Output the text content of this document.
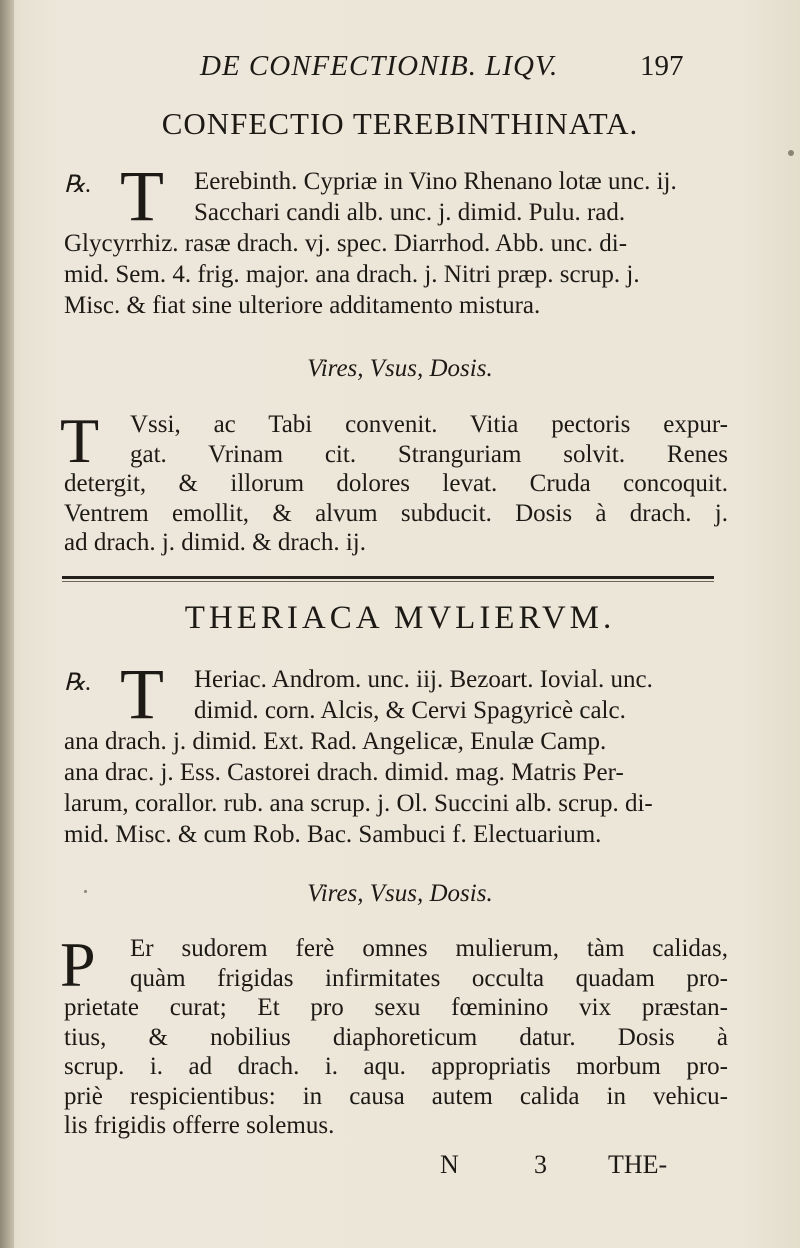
DE CONFECTIONIB. LIQV.	197
CONFECTIO TEREBINTHINATA.
Eerebinth. Cypriæ in Vino Rhenano lotæ unc. ij.
Sacchari candi alb. unc. j. dimid. Pulu. rad.
Glycyrrhiz. rasæ drach. vj. spec. Diarrhod. Abb. unc. di-
mid. Sem. 4. frig. major. ana drach. j. Nitri præp. scrup. j.
Misc. & fiat sine ulteriore additamento mistura.
℞. T
Vires, Vsus, Dosis.
T	Vssi, ac Tabi convenit. Vitia pectoris expur-
gat. Vrinam cit. Stranguriam solvit. Renes
detergit, & illorum dolores levat. Cruda concoquit.
Ventrem emollit, & alvum subducit. Dosis à drach. j.
ad drach. j. dimid. & drach. ij.
THERIACA MVLIERVM.
Heriac. Androm. unc. iij. Bezoart. Iovial. unc.
dimid. corn. Alcis, & Cervi Spagyricè calc.
ana drach. j. dimid. Ext. Rad. Angelicæ, Enulæ Camp.
ana drac. j. Ess. Castorei drach. dimid. mag. Matris Per-
larum, corallor. rub. ana scrup. j. Ol. Succini alb. scrup. di-
mid. Misc. & cum Rob. Bac. Sambuci f. Electuarium.
℞. T
Vires, Vsus, Dosis.
P	Er sudorem ferè omnes mulierum, tàm calidas,
quàm frigidas infirmitates occulta quadam pro-
prietate curat; Et pro sexu fœminino vix præstan-
tius, & nobilius diaphoreticum datur. Dosis à
scrup. i. ad drach. i. aqu. appropriatis morbum pro-
priè respicientibus: in causa autem calida in vehicu-
lis frigidis offerre solemus.
N	3 THE-
